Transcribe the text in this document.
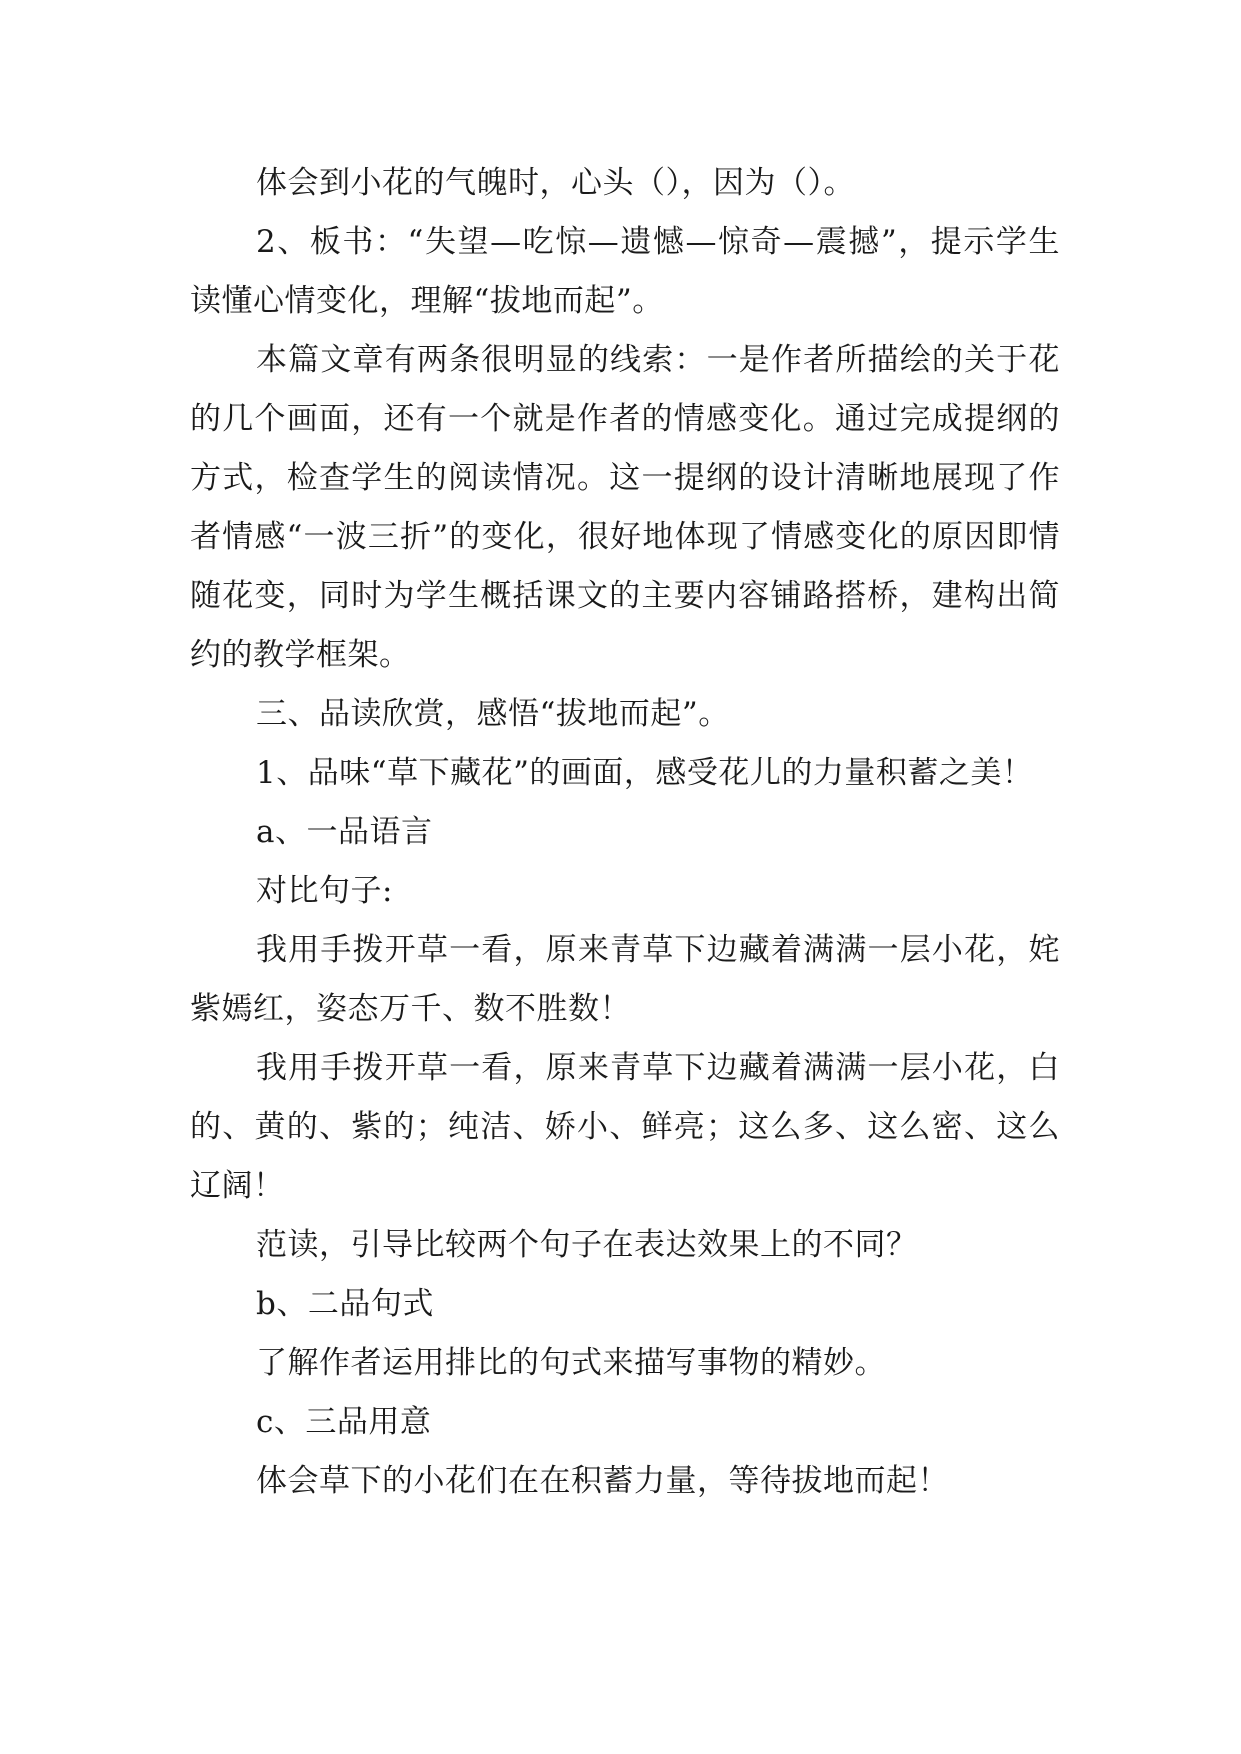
体会到小花的气魄时，心头（），因为（）。

2、板书：“失望—吃惊—遗憾—惊奇—震撼”，提示学生读懂心情变化，理解“拔地而起”。

本篇文章有两条很明显的线索：一是作者所描绘的关于花的几个画面，还有一个就是作者的情感变化。通过完成提纲的方式，检查学生的阅读情况。这一提纲的设计清晰地展现了作者情感“一波三折”的变化，很好地体现了情感变化的原因即情随花变，同时为学生概括课文的主要内容铺路搭桥，建构出简约的教学框架。

三、品读欣赏，感悟“拔地而起”。

1、品味“草下藏花”的画面，感受花儿的力量积蓄之美！

a、一品语言

对比句子:

我用手拨开草一看，原来青草下边藏着满满一层小花，姹紫嫣红，姿态万千、数不胜数！

我用手拨开草一看，原来青草下边藏着满满一层小花，白的、黄的、紫的；纯洁、娇小、鲜亮；这么多、这么密、这么辽阔！

范读，引导比较两个句子在表达效果上的不同？

b、二品句式

了解作者运用排比的句式来描写事物的精妙。

c、三品用意

体会草下的小花们在在积蓄力量，等待拔地而起！
